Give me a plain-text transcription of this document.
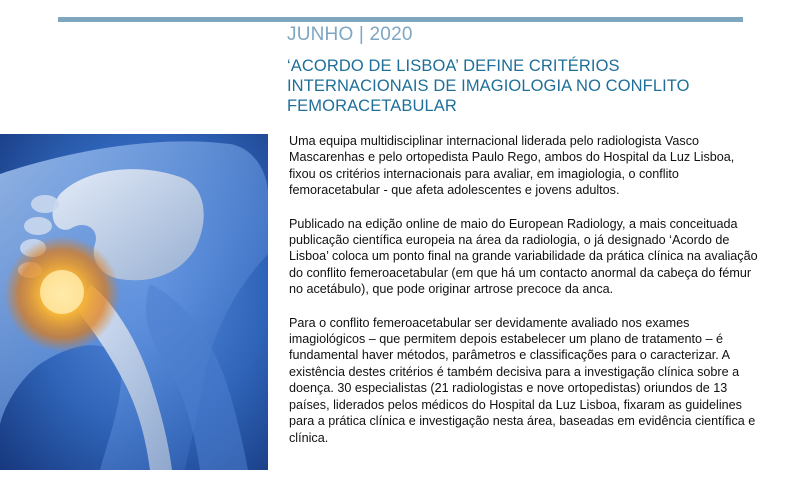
JUNHO | 2020
‘ACORDO DE LISBOA’ DEFINE CRITÉRIOS
INTERNACIONAIS DE IMAGIOLOGIA NO CONFLITO
FEMORACETABULAR

Uma equipa multidisciplinar internacional liderada pelo radiologista Vasco Mascarenhas e pelo ortopedista Paulo Rego, ambos do Hospital da Luz Lisboa, fixou os critérios internacionais para avaliar, em imagiologia, o conflito femoracetabular - que afeta adolescentes e jovens adultos.

Publicado na edição online de maio do European Radiology, a mais conceituada publicação científica europeia na área da radiologia, o já designado ‘Acordo de Lisboa’ coloca um ponto final na grande variabilidade da prática clínica na avaliação do conflito femeroacetabular (em que há um contacto anormal da cabeça do fémur no acetábulo), que pode originar artrose precoce da anca.

Para o conflito femeroacetabular ser devidamente avaliado nos exames imagiológicos – que permitem depois estabelecer um plano de tratamento – é fundamental haver métodos, parâmetros e classificações para o caracterizar. A existência destes critérios é também decisiva para a investigação clínica sobre a doença. 30 especialistas (21 radiologistas e nove ortopedistas) oriundos de 13 países, liderados pelos médicos do Hospital da Luz Lisboa, fixaram as guidelines para a prática clínica e investigação nesta área, baseadas em evidência científica e clínica.
